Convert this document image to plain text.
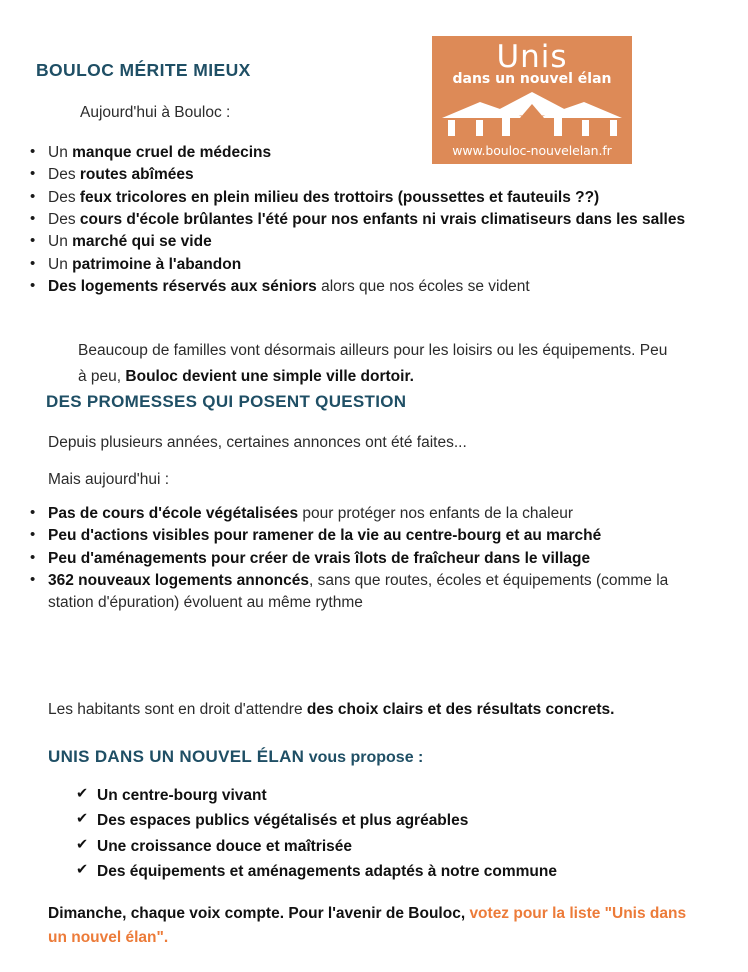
Unis
dans un nouvel élan
www.bouloc-nouvelelan.fr
BOULOC MÉRITE MIEUX
Aujourd'hui à Bouloc :
• Un manque cruel de médecins
• Des routes abîmées
• Des feux tricolores en plein milieu des trottoirs (poussettes et fauteuils ??)
• Des cours d'école brûlantes l'été pour nos enfants ni vrais climatiseurs dans les salles
• Un marché qui se vide
• Un patrimoine à l'abandon
• Des logements réservés aux séniors alors que nos écoles se vident

Beaucoup de familles vont désormais ailleurs pour les loisirs ou les équipements. Peu à peu, Bouloc devient une simple ville dortoir.

DES PROMESSES QUI POSENT QUESTION
Depuis plusieurs années, certaines annonces ont été faites...
Mais aujourd'hui :
• Pas de cours d'école végétalisées pour protéger nos enfants de la chaleur
• Peu d'actions visibles pour ramener de la vie au centre-bourg et au marché
• Peu d'aménagements pour créer de vrais îlots de fraîcheur dans le village
• 362 nouveaux logements annoncés, sans que routes, écoles et équipements (comme la station d'épuration) évoluent au même rythme

Les habitants sont en droit d'attendre des choix clairs et des résultats concrets.

UNIS DANS UN NOUVEL ÉLAN vous propose :
✔ Un centre-bourg vivant
✔ Des espaces publics végétalisés et plus agréables
✔ Une croissance douce et maîtrisée
✔ Des équipements et aménagements adaptés à notre commune

Dimanche, chaque voix compte. Pour l'avenir de Bouloc, votez pour la liste "Unis dans un nouvel élan".
